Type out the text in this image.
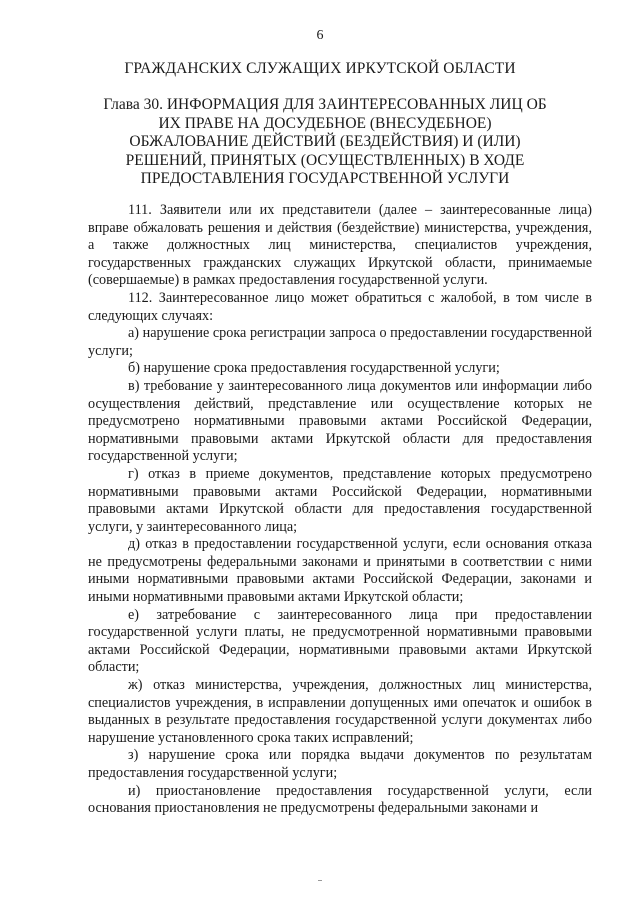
6
ГРАЖДАНСКИХ СЛУЖАЩИХ ИРКУТСКОЙ ОБЛАСТИ
Глава 30. ИНФОРМАЦИЯ ДЛЯ ЗАИНТЕРЕСОВАННЫХ ЛИЦ ОБ ИХ ПРАВЕ НА ДОСУДЕБНОЕ (ВНЕСУДЕБНОЕ) ОБЖАЛОВАНИЕ ДЕЙСТВИЙ (БЕЗДЕЙСТВИЯ) И (ИЛИ) РЕШЕНИЙ, ПРИНЯТЫХ (ОСУЩЕСТВЛЕННЫХ) В ХОДЕ ПРЕДОСТАВЛЕНИЯ ГОСУДАРСТВЕННОЙ УСЛУГИ

111. Заявители или их представители (далее – заинтересованные лица) вправе обжаловать решения и действия (бездействие) министерства, учреждения, а также должностных лиц министерства, специалистов учреждения, государственных гражданских служащих Иркутской области, принимаемые (совершаемые) в рамках предоставления государственной услуги.

112. Заинтересованное лицо может обратиться с жалобой, в том числе в следующих случаях:

а) нарушение срока регистрации запроса о предоставлении государственной услуги;

б) нарушение срока предоставления государственной услуги;

в) требование у заинтересованного лица документов или информации либо осуществления действий, представление или осуществление которых не предусмотрено нормативными правовыми актами Российской Федерации, нормативными правовыми актами Иркутской области для предоставления государственной услуги;

г) отказ в приеме документов, представление которых предусмотрено нормативными правовыми актами Российской Федерации, нормативными правовыми актами Иркутской области для предоставления государственной услуги, у заинтересованного лица;

д) отказ в предоставлении государственной услуги, если основания отказа не предусмотрены федеральными законами и принятыми в соответствии с ними иными нормативными правовыми актами Российской Федерации, законами и иными нормативными правовыми актами Иркутской области;

е) затребование с заинтересованного лица при предоставлении государственной услуги платы, не предусмотренной нормативными правовыми актами Российской Федерации, нормативными правовыми актами Иркутской области;

ж) отказ министерства, учреждения, должностных лиц министерства, специалистов учреждения, в исправлении допущенных ими опечаток и ошибок в выданных в результате предоставления государственной услуги документах либо нарушение установленного срока таких исправлений;

з) нарушение срока или порядка выдачи документов по результатам предоставления государственной услуги;

и) приостановление предоставления государственной услуги, если основания приостановления не предусмотрены федеральными законами и
